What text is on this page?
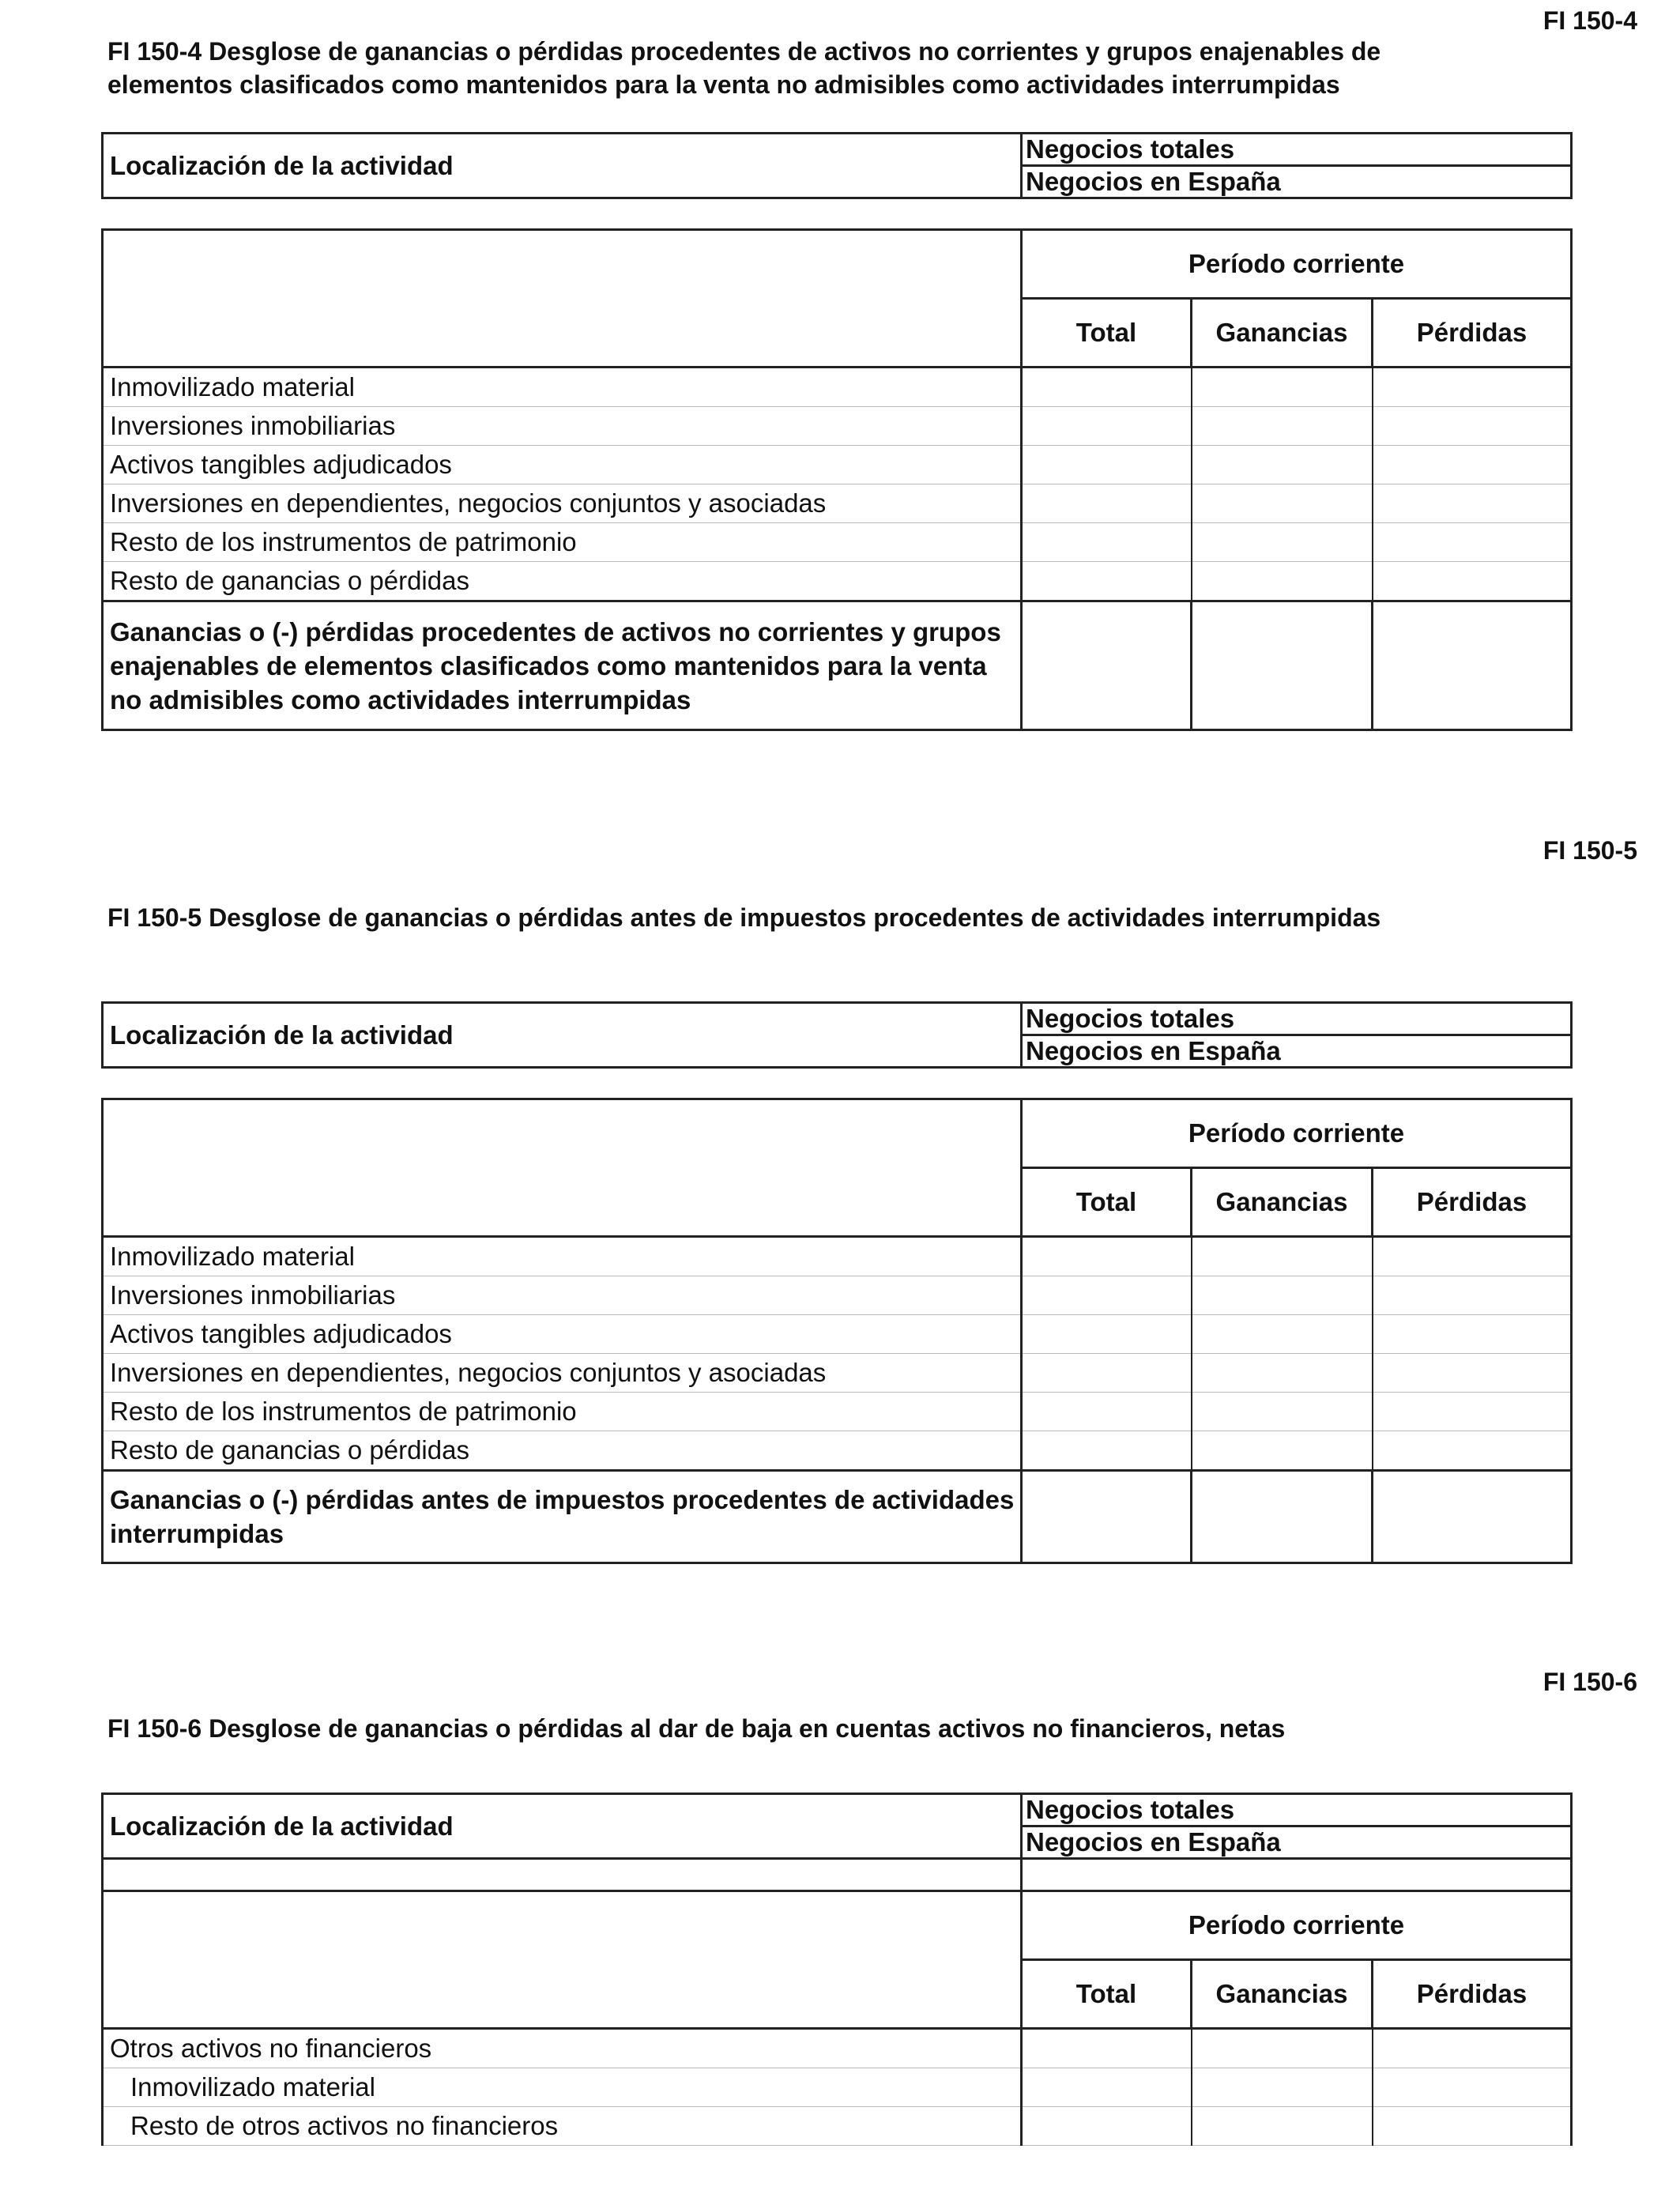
FI 150-4
FI 150-4 Desglose de ganancias o pérdidas procedentes de activos no corrientes y grupos enajenables de elementos clasificados como mantenidos para la venta no admisibles como actividades interrumpidas
Localización de la actividad	Negocios totales
Negocios en España
	Período corriente		
	Total	Ganancias	Pérdidas
Inmovilizado material			
Inversiones inmobiliarias			
Activos tangibles adjudicados			
Inversiones en dependientes, negocios conjuntos y asociadas			
Resto de los instrumentos de patrimonio			
Resto de ganancias o pérdidas			
Ganancias o (-) pérdidas procedentes de activos no corrientes y grupos enajenables de elementos clasificados como mantenidos para la venta no admisibles como actividades interrumpidas			
FI 150-5
FI 150-5 Desglose de ganancias o pérdidas antes de impuestos procedentes de actividades interrumpidas
Localización de la actividad	Negocios totales
Negocios en España
	Período corriente		
	Total	Ganancias	Pérdidas
Inmovilizado material			
Inversiones inmobiliarias			
Activos tangibles adjudicados			
Inversiones en dependientes, negocios conjuntos y asociadas			
Resto de los instrumentos de patrimonio			
Resto de ganancias o pérdidas			
Ganancias o (-) pérdidas antes de impuestos procedentes de actividades interrumpidas			
FI 150-6
FI 150-6 Desglose de ganancias o pérdidas al dar de baja en cuentas activos no financieros, netas
Localización de la actividad	Negocios totales		
	Negocios en España		

	Período corriente		
	Total	Ganancias	Pérdidas
Otros activos no financieros			
Inmovilizado material			
Resto de otros activos no financieros			
